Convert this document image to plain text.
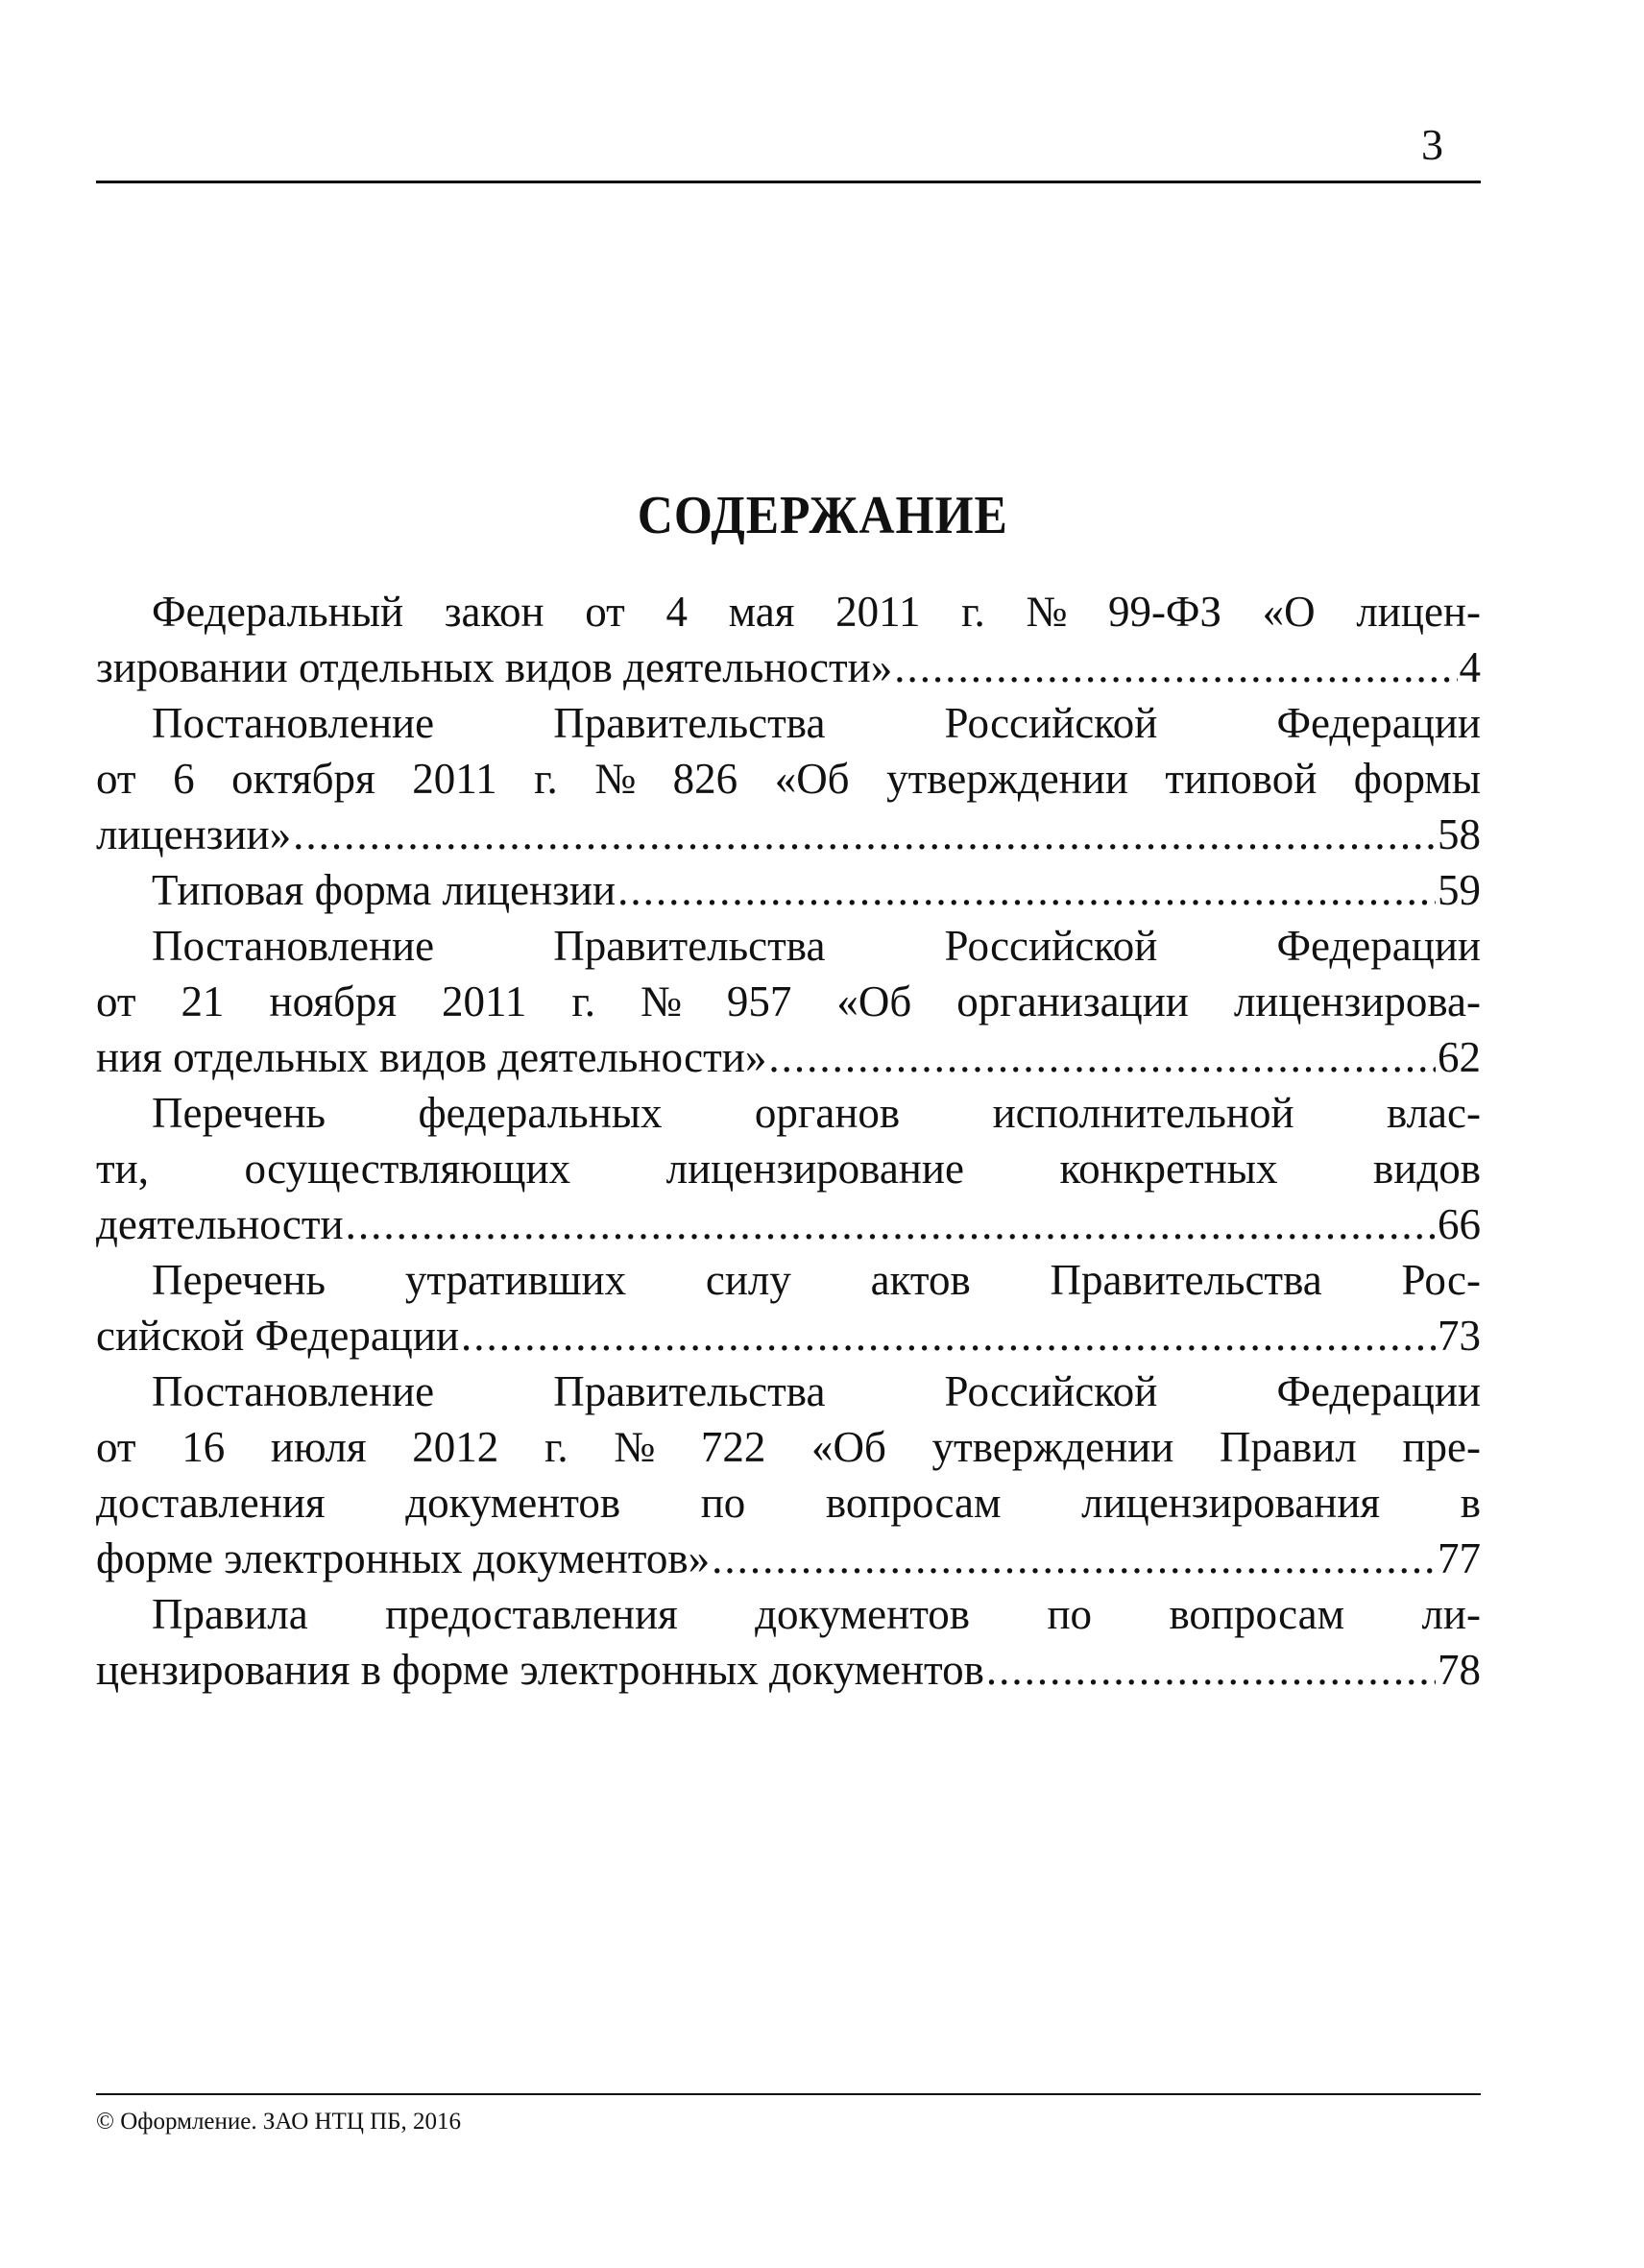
3
СОДЕРЖАНИЕ
Федеральный закон от 4 мая 2011 г. № 99-ФЗ «О лицен-
зировании отдельных видов деятельности» .....	4
Постановление Правительства Российской Федерации
от 6 октября 2011 г. № 826 «Об утверждении типовой формы
лицензии» .....	58
Типовая форма лицензии .....	59
Постановление Правительства Российской Федерации
от 21 ноября 2011 г. № 957 «Об организации лицензирова-
ния отдельных видов деятельности» .....	62
Перечень федеральных органов исполнительной влас-
ти, осуществляющих лицензирование конкретных видов
деятельности .....	66
Перечень утративших силу актов Правительства Рос-
сийской Федерации .....	73
Постановление Правительства Российской Федерации
от 16 июля 2012 г. № 722 «Об утверждении Правил пре-
доставления документов по вопросам лицензирования в
форме электронных документов» .....	77
Правила предоставления документов по вопросам ли-
цензирования в форме электронных документов .....	78
© Оформление. ЗАО НТЦ ПБ, 2016
